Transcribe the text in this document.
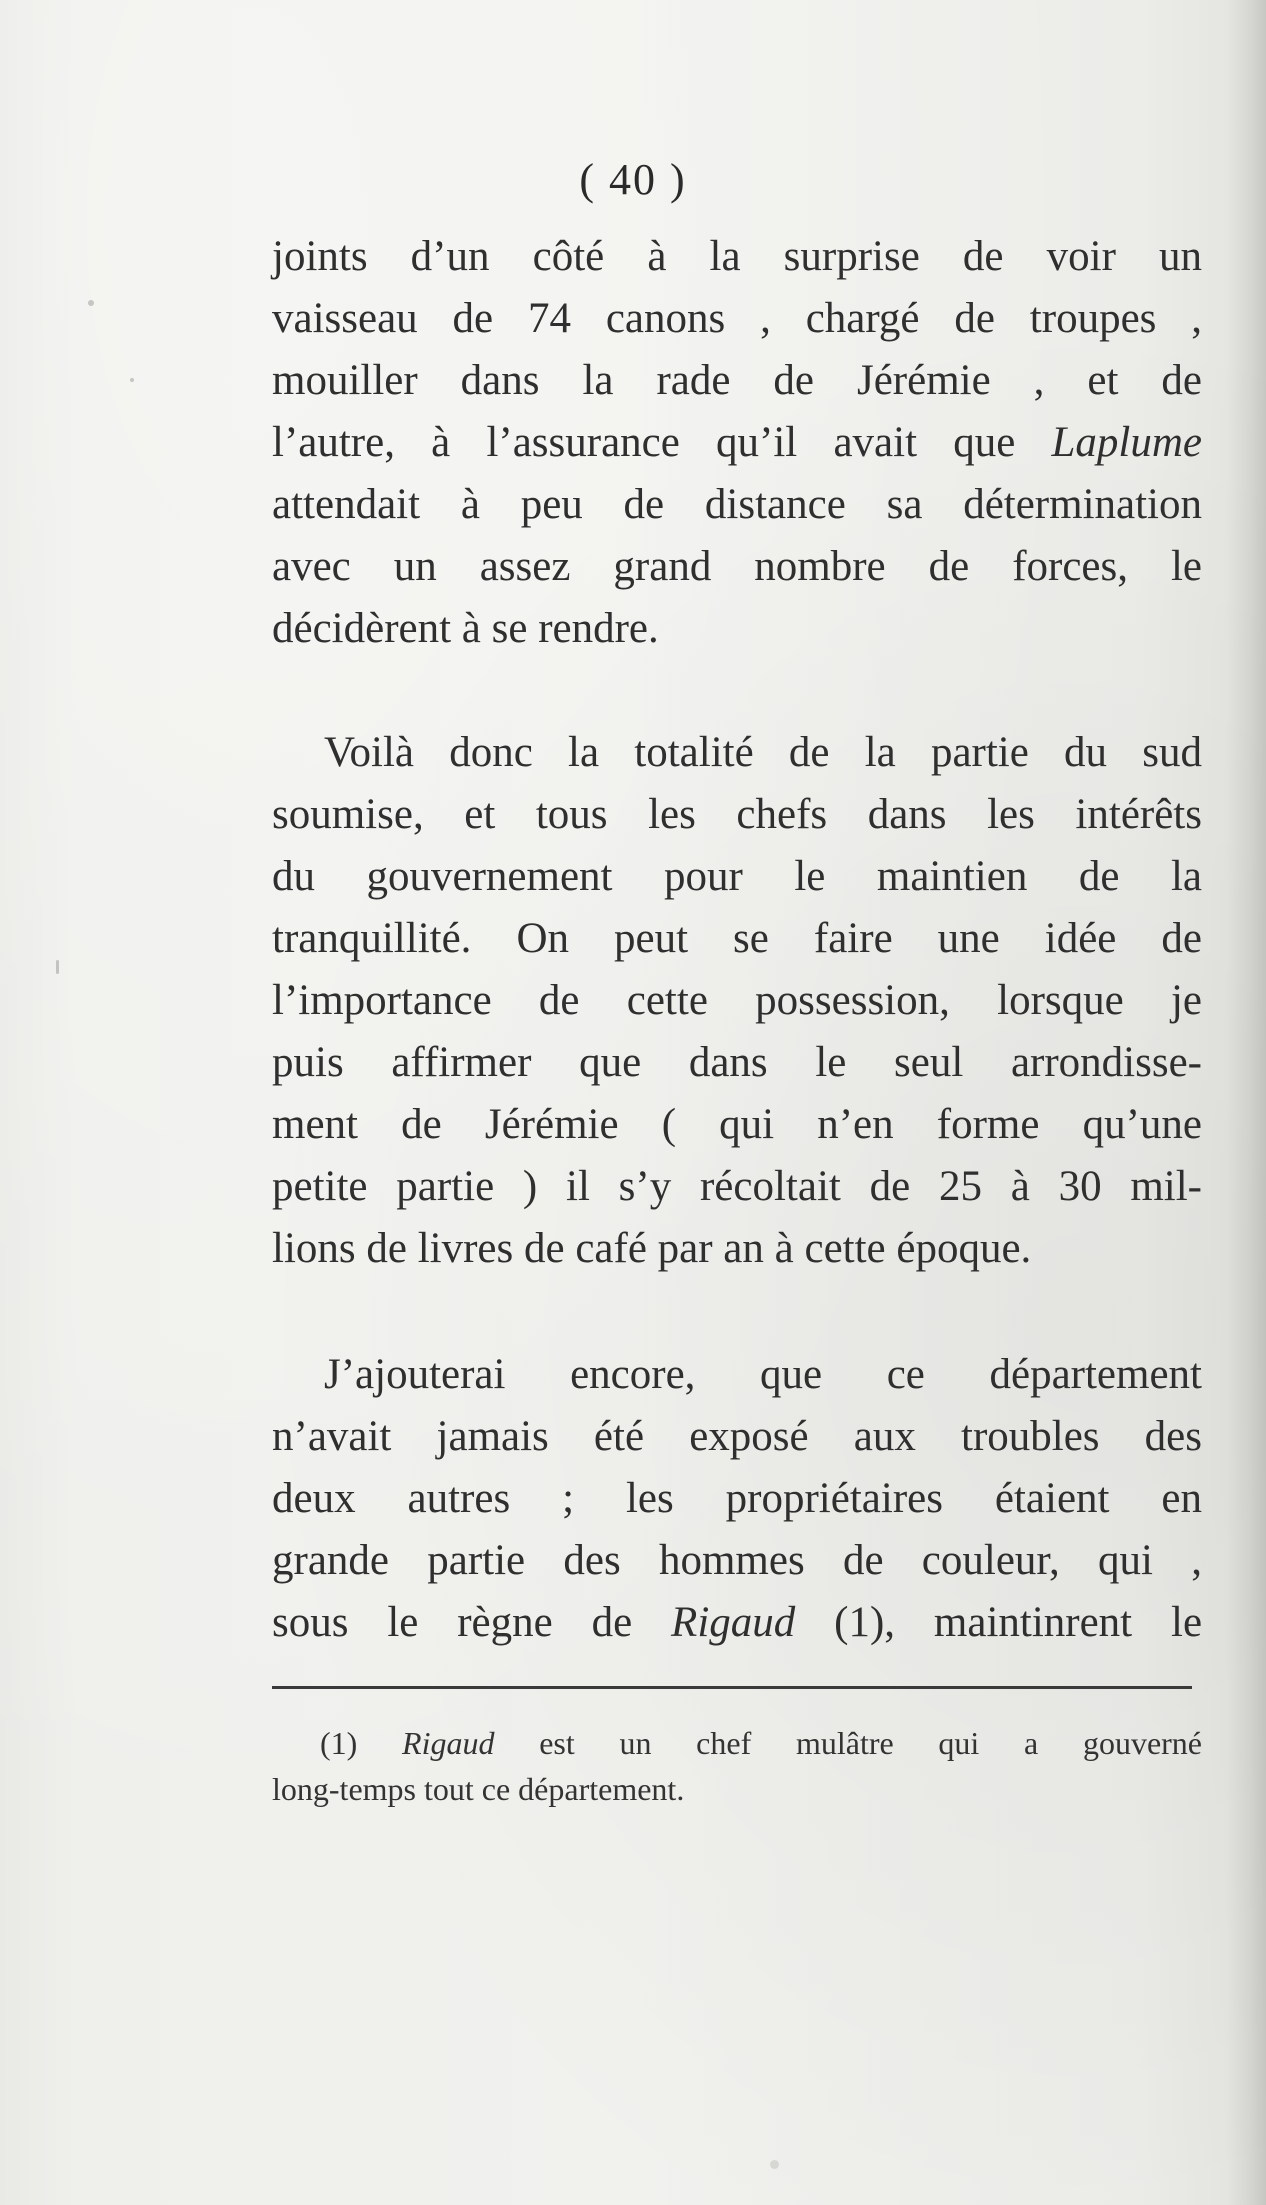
( 40 )
joints d’un côté à la surprise de voir un
vaisseau de 74 canons , chargé de troupes ,
mouiller dans la rade de Jérémie , et de
l’autre, à l’assurance qu’il avait que Laplume
attendait à peu de distance sa détermination
avec un assez grand nombre de forces, le
décidèrent à se rendre.
Voilà donc la totalité de la partie du sud
soumise, et tous les chefs dans les intérêts
du gouvernement pour le maintien de la
tranquillité. On peut se faire une idée de
l’importance de cette possession, lorsque je
puis affirmer que dans le seul arrondisse-
ment de Jérémie ( qui n’en forme qu’une
petite partie ) il s’y récoltait de 25 à 30 mil-
lions de livres de café par an à cette époque.
J’ajouterai encore, que ce département
n’avait jamais été exposé aux troubles des
deux autres ; les propriétaires étaient en
grande partie des hommes de couleur, qui ,
sous le règne de Rigaud (1), maintinrent le
(1) Rigaud est un chef mulâtre qui a gouverné
long-temps tout ce département.
